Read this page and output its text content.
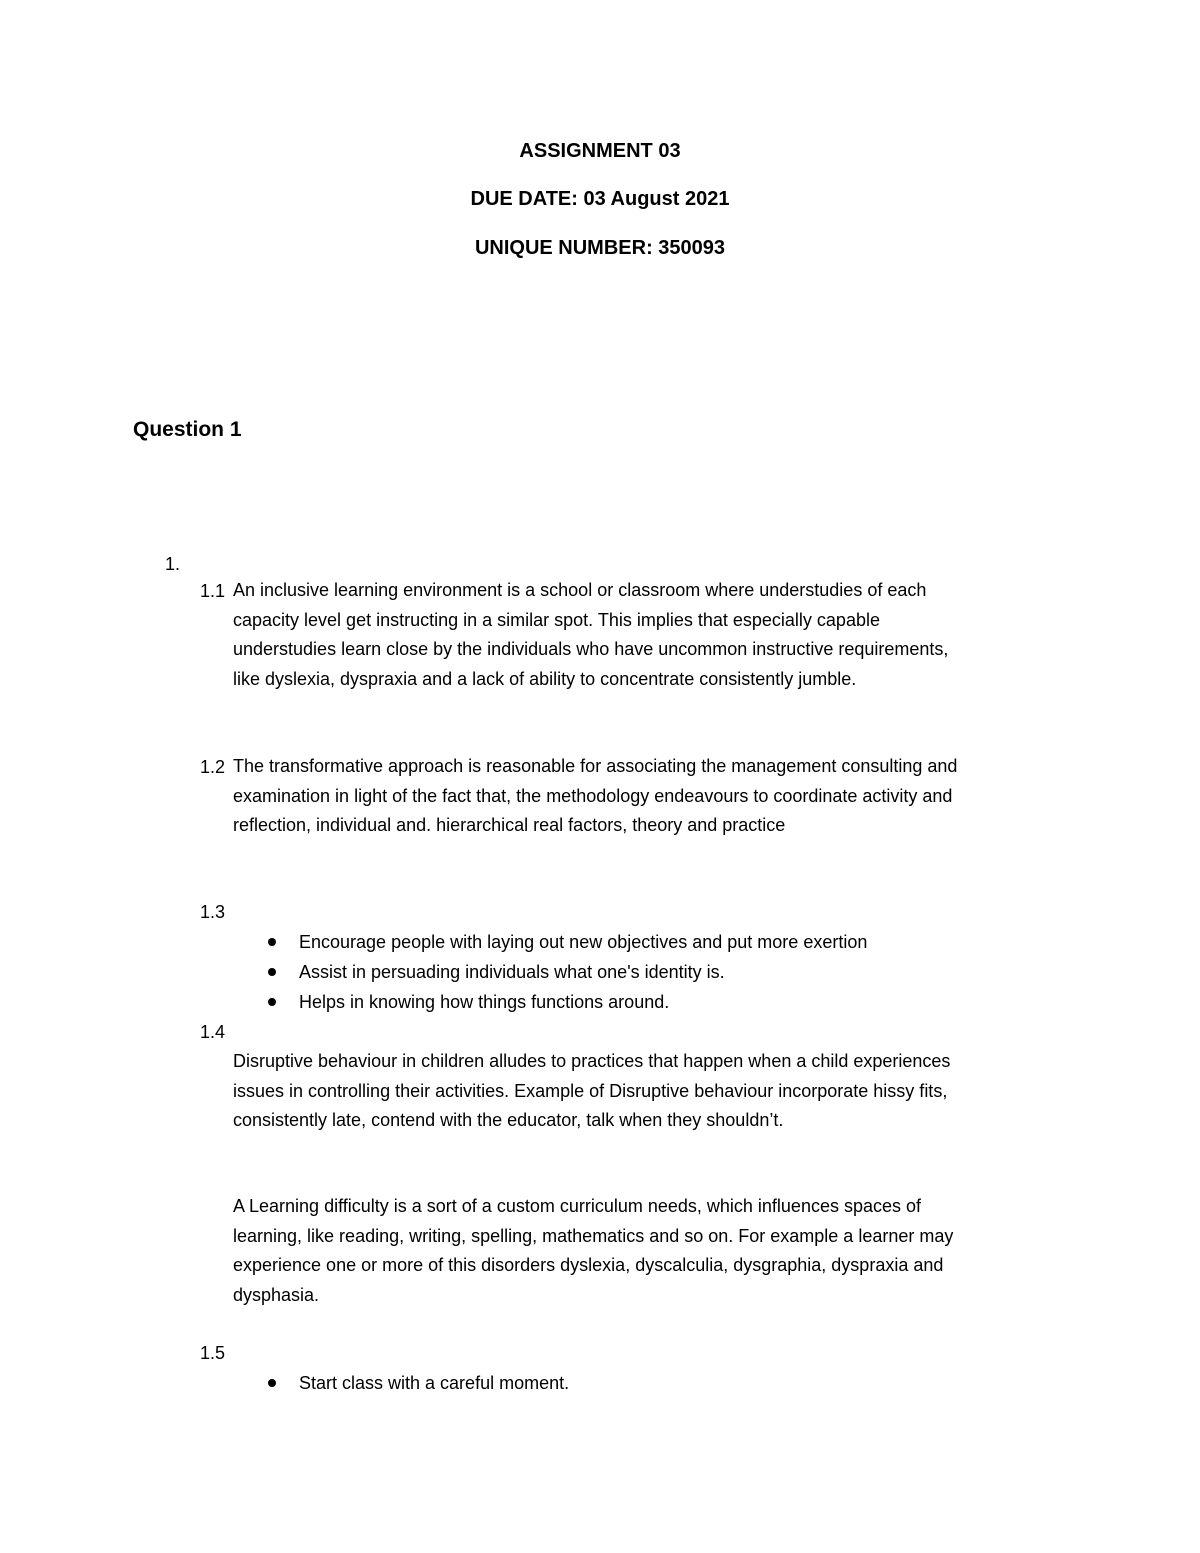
ASSIGNMENT 03
DUE DATE: 03 August 2021
UNIQUE NUMBER: 350093
Question 1
1.
1.1 An inclusive learning environment is a school or classroom where understudies of each capacity level get instructing in a similar spot. This implies that especially capable understudies learn close by the individuals who have uncommon instructive requirements, like dyslexia, dyspraxia and a lack of ability to concentrate consistently jumble.
1.2 The transformative approach is reasonable for associating the management consulting and examination in light of the fact that, the methodology endeavours to coordinate activity and reflection, individual and. hierarchical real factors, theory and practice
1.3
Encourage people with laying out new objectives and put more exertion
Assist in persuading individuals what one's identity is.
Helps in knowing how things functions around.
1.4
Disruptive behaviour in children alludes to practices that happen when a child experiences issues in controlling their activities. Example of Disruptive behaviour incorporate hissy fits, consistently late, contend with the educator, talk when they shouldn’t.
A Learning difficulty is a sort of a custom curriculum needs, which influences spaces of learning, like reading, writing, spelling, mathematics and so on. For example a learner may experience one or more of this disorders dyslexia, dyscalculia, dysgraphia, dyspraxia and dysphasia.
1.5
Start class with a careful moment.
